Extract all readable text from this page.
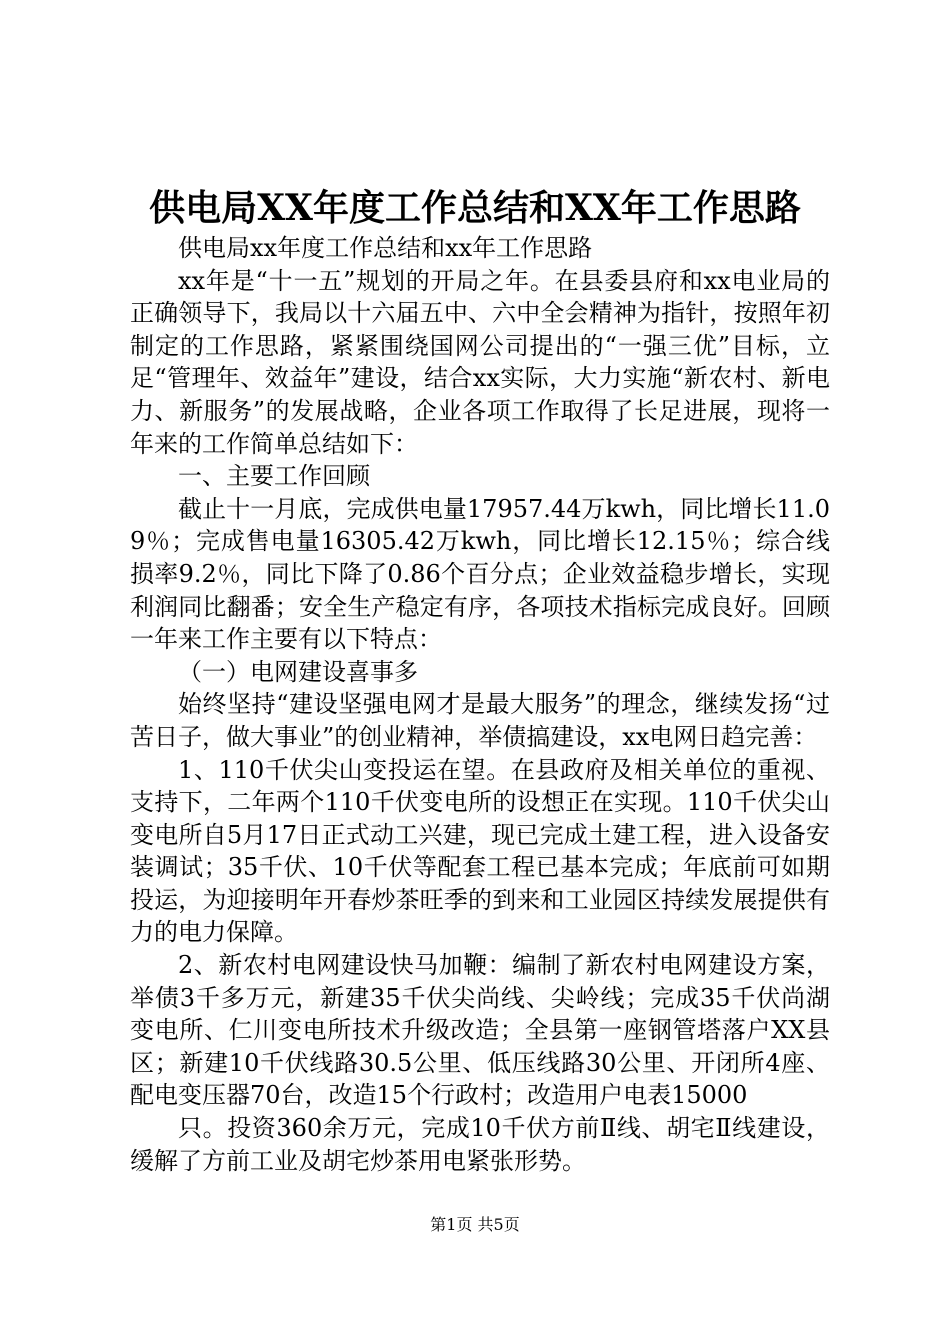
供电局XX年度工作总结和XX年工作思路

供电局xx年度工作总结和xx年工作思路

xx年是“十一五”规划的开局之年。在县委县府和xx电业局的正确领导下，我局以十六届五中、六中全会精神为指针，按照年初制定的工作思路，紧紧围绕国网公司提出的“一强三优”目标，立足“管理年、效益年”建设，结合xx实际，大力实施“新农村、新电力、新服务”的发展战略，企业各项工作取得了长足进展，现将一年来的工作简单总结如下：

一、主要工作回顾

截止十一月底，完成供电量17957.44万kwh，同比增长11.09％；完成售电量16305.42万kwh，同比增长12.15％；综合线损率9.2％，同比下降了0.86个百分点；企业效益稳步增长，实现利润同比翻番；安全生产稳定有序，各项技术指标完成良好。回顾一年来工作主要有以下特点：

（一）电网建设喜事多

始终坚持“建设坚强电网才是最大服务”的理念，继续发扬“过苦日子，做大事业”的创业精神，举债搞建设，xx电网日趋完善：

1、110千伏尖山变投运在望。在县政府及相关单位的重视、支持下，二年两个110千伏变电所的设想正在实现。110千伏尖山变电所自5月17日正式动工兴建，现已完成土建工程，进入设备安装调试；35千伏、10千伏等配套工程已基本完成；年底前可如期投运，为迎接明年开春炒茶旺季的到来和工业园区持续发展提供有力的电力保障。

2、新农村电网建设快马加鞭：编制了新农村电网建设方案，举债3千多万元，新建35千伏尖尚线、尖岭线；完成35千伏尚湖变电所、仁川变电所技术升级改造；全县第一座钢管塔落户XX县区；新建10千伏线路30.5公里、低压线路30公里、开闭所4座、配电变压器70台，改造15个行政村；改造用户电表15000

只。投资360余万元，完成10千伏方前Ⅱ线、胡宅Ⅱ线建设，缓解了方前工业及胡宅炒茶用电紧张形势。

第1页 共5页
